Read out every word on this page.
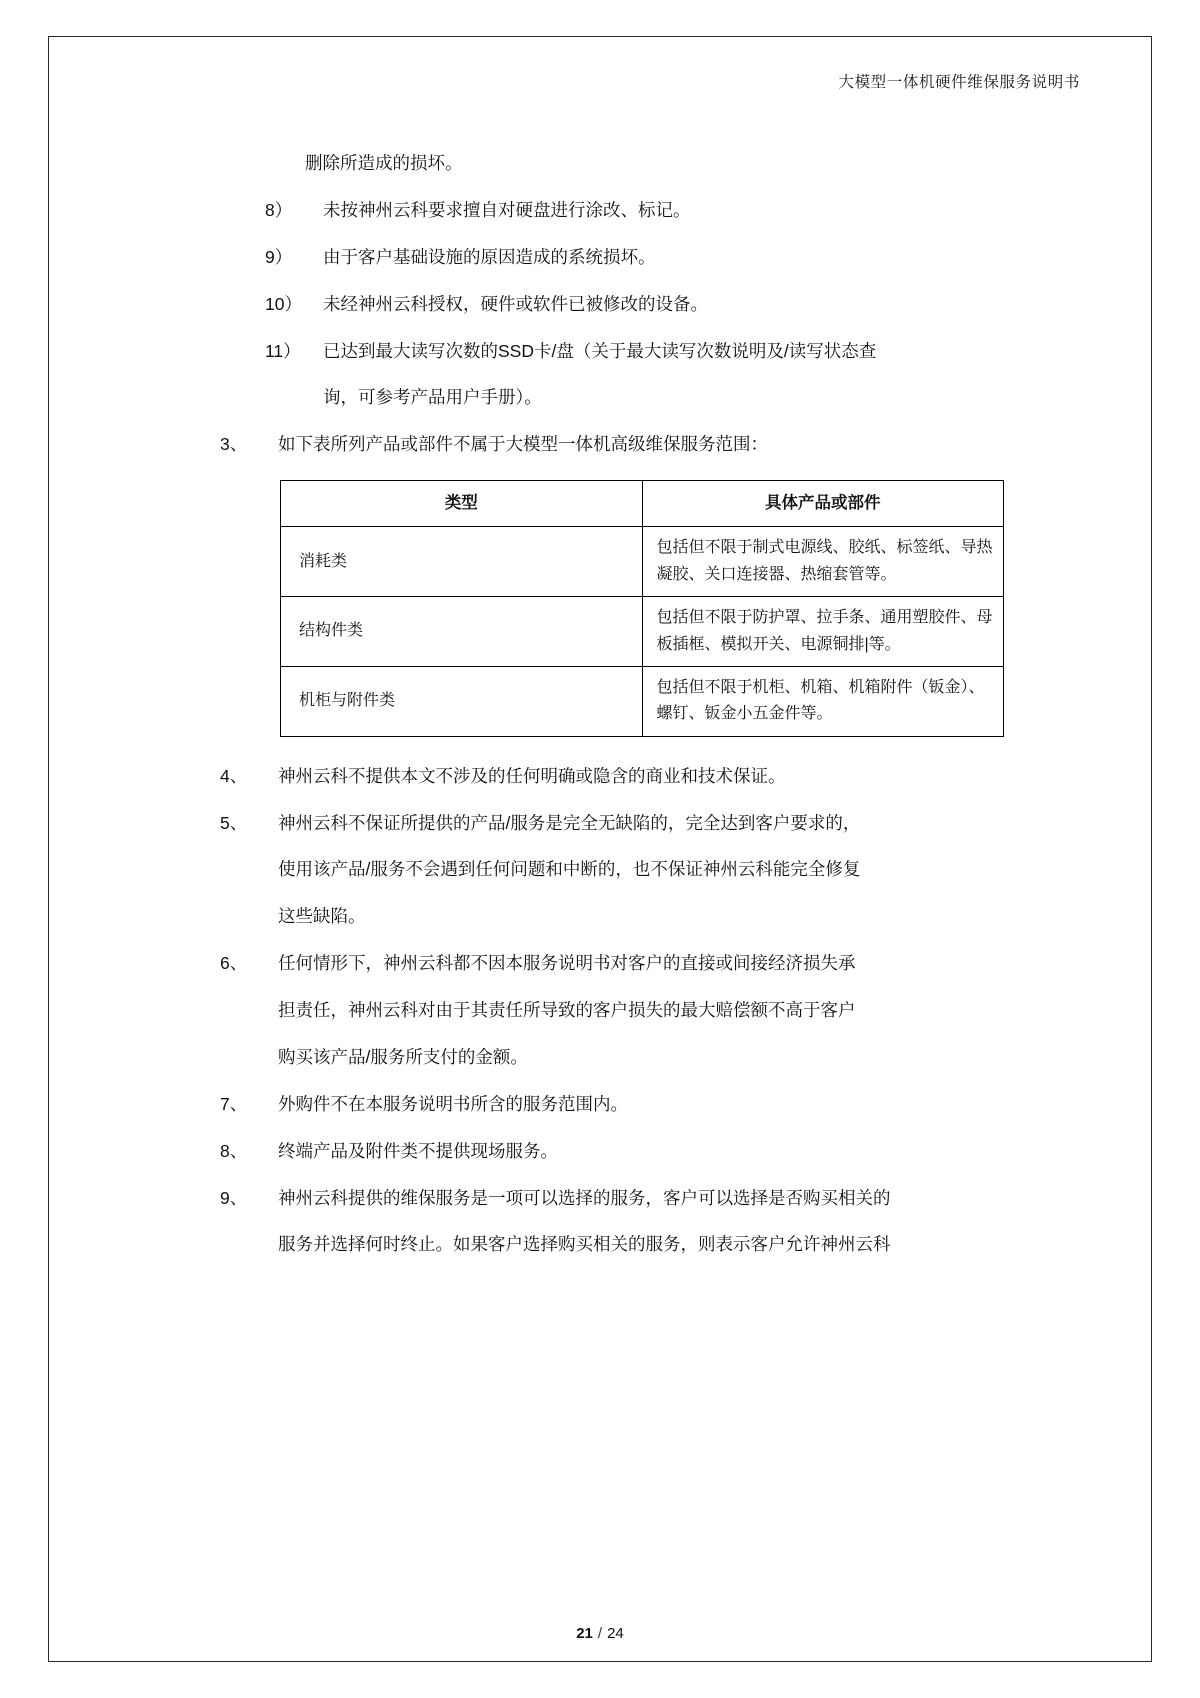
大模型一体机硬件维保服务说明书
删除所造成的损坏。
8）	未按神州云科要求擅自对硬盘进行涂改、标记。
9）	由于客户基础设施的原因造成的系统损坏。
10）	未经神州云科授权，硬件或软件已被修改的设备。
11）	已达到最大读写次数的SSD卡/盘（关于最大读写次数说明及/读写状态查
询，可参考产品用户手册）。
3、	如下表所列产品或部件不属于大模型一体机高级维保服务范围：
类型	具体产品或部件
消耗类	包括但不限于制式电源线、胶纸、标签纸、导热凝胶、关口连接器、热缩套管等。
结构件类	包括但不限于防护罩、拉手条、通用塑胶件、母板插框、模拟开关、电源铜排|等。
机柜与附件类	包括但不限于机柜、机箱、机箱附件（钣金）、螺钉、钣金小五金件等。
4、	神州云科不提供本文不涉及的任何明确或隐含的商业和技术保证。
5、	神州云科不保证所提供的产品/服务是完全无缺陷的，完全达到客户要求的，
使用该产品/服务不会遇到任何问题和中断的，也不保证神州云科能完全修复
这些缺陷。
6、	任何情形下，神州云科都不因本服务说明书对客户的直接或间接经济损失承
担责任，神州云科对由于其责任所导致的客户损失的最大赔偿额不高于客户
购买该产品/服务所支付的金额。
7、	外购件不在本服务说明书所含的服务范围内。
8、	终端产品及附件类不提供现场服务。
9、	神州云科提供的维保服务是一项可以选择的服务，客户可以选择是否购买相关的
服务并选择何时终止。如果客户选择购买相关的服务，则表示客户允许神州云科
21 / 24
